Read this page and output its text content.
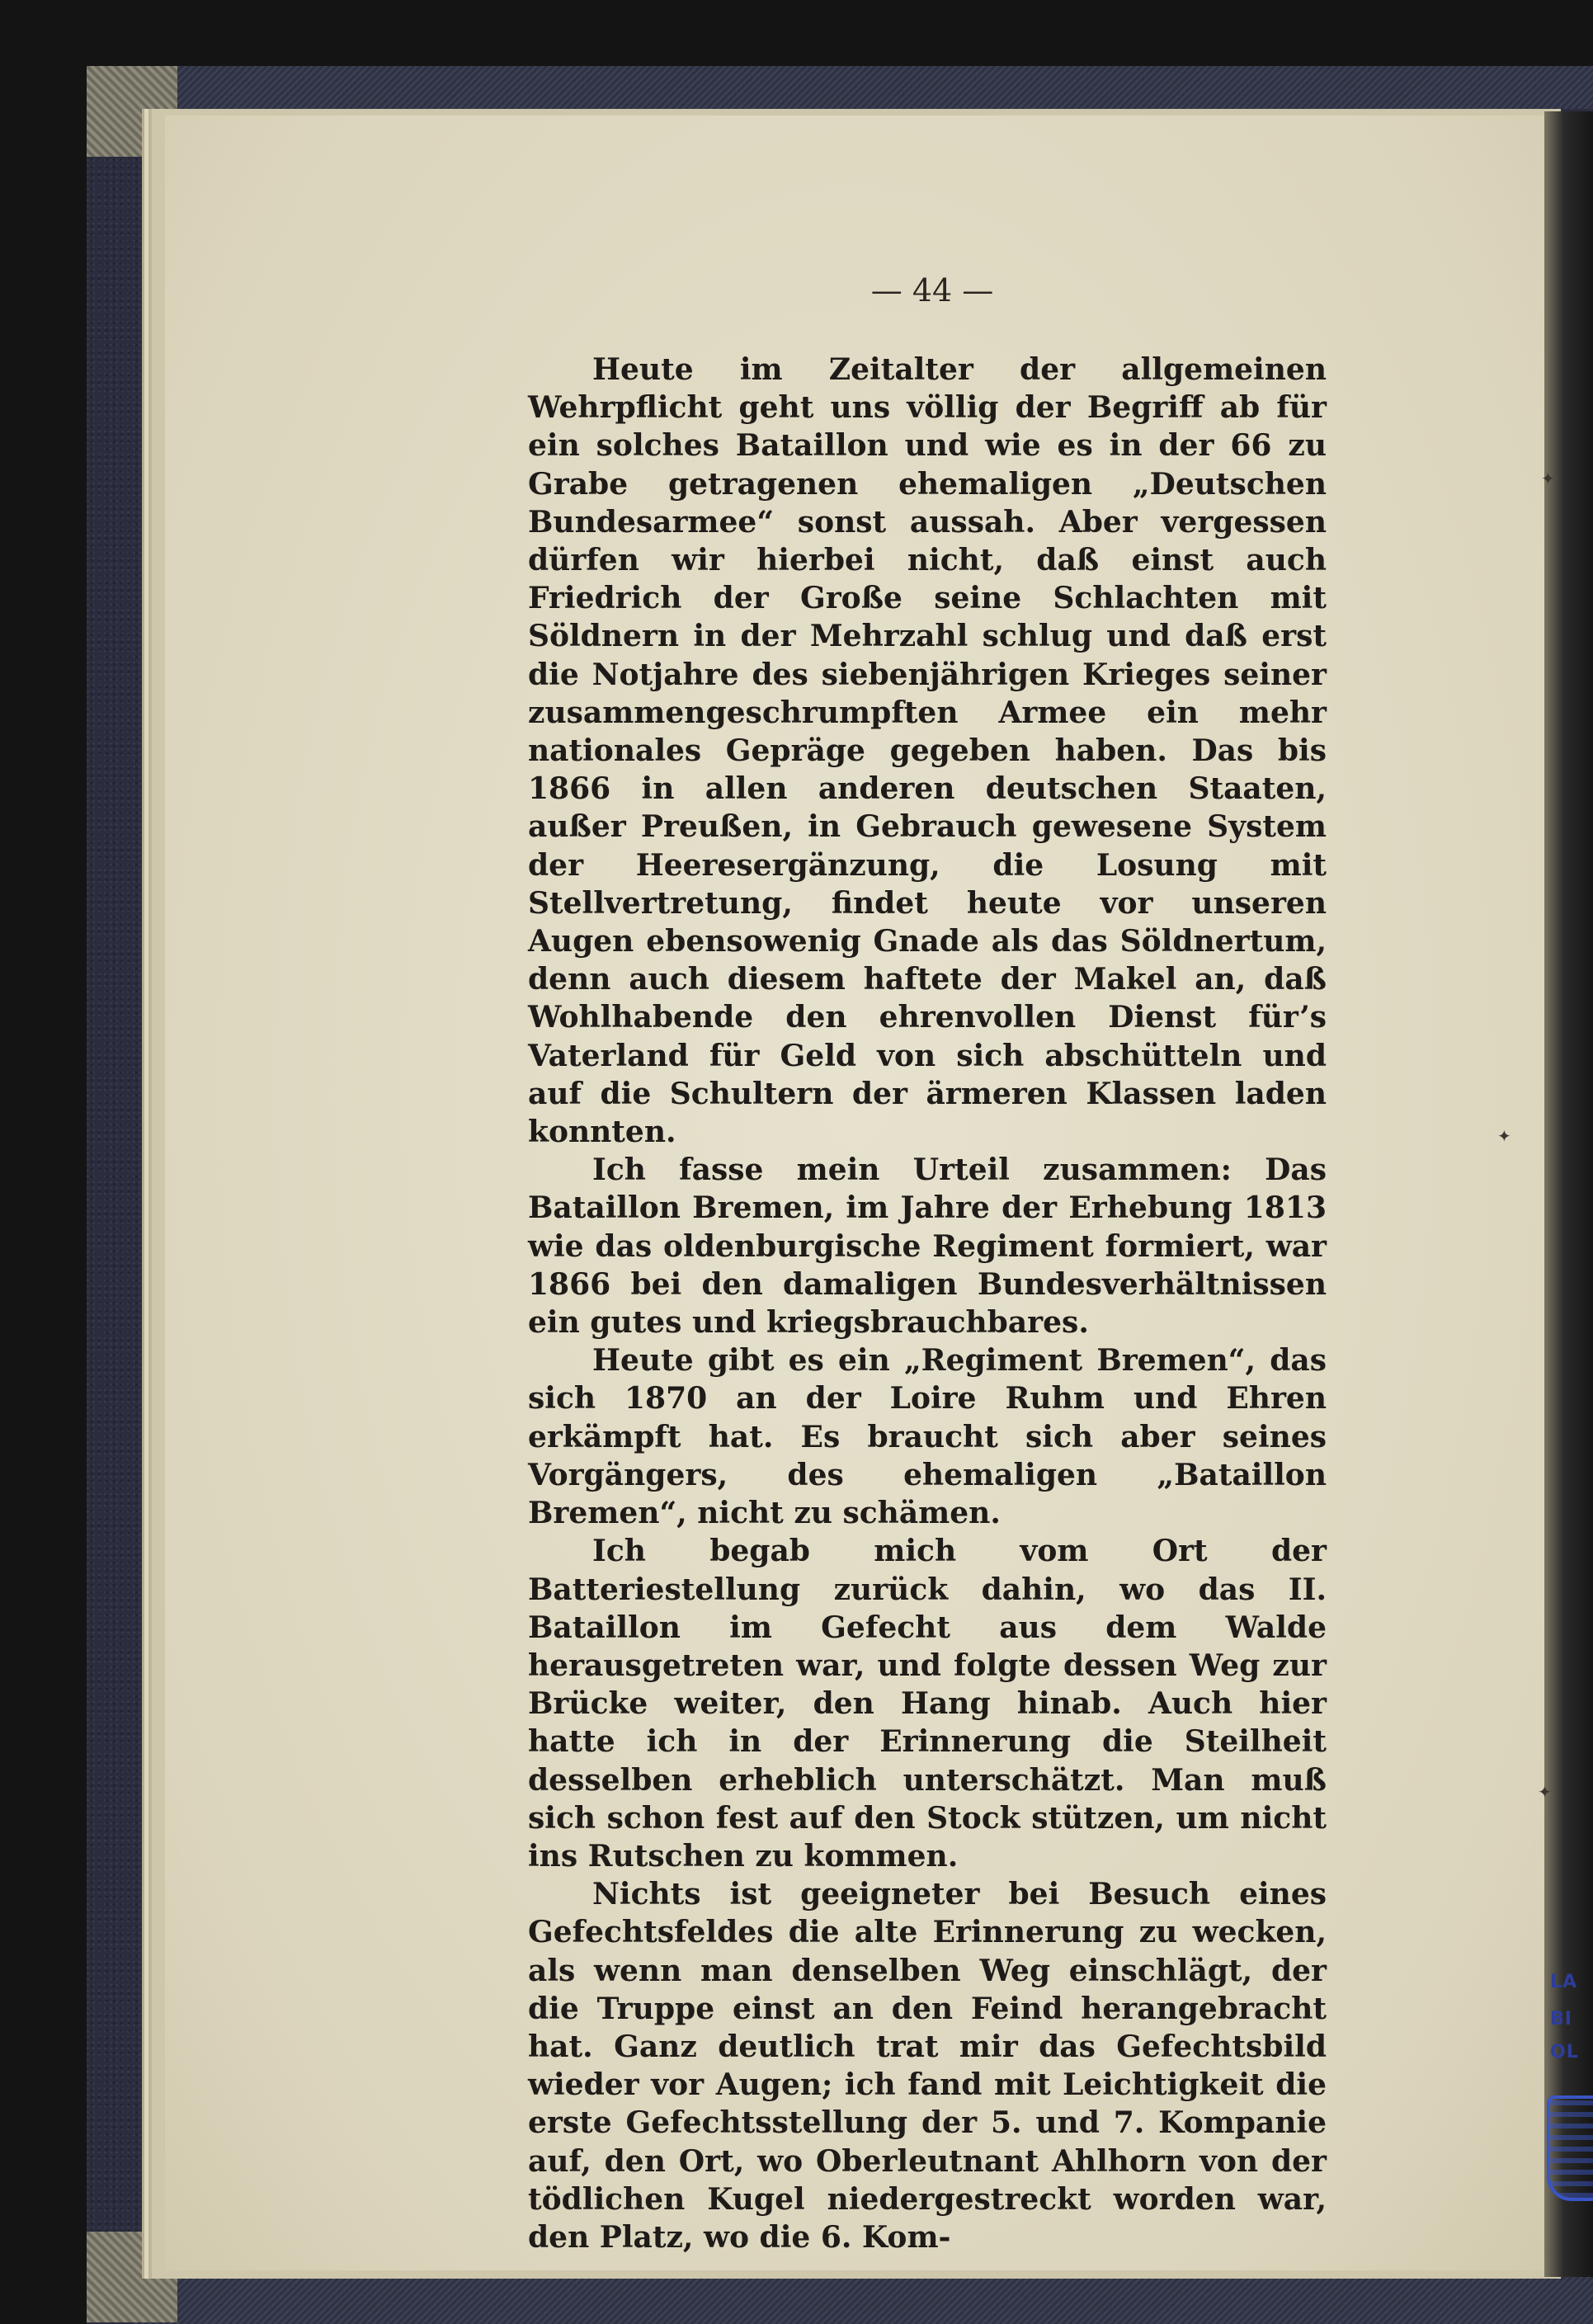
— 44 —

Heute im Zeitalter der allgemeinen Wehrpflicht geht uns völlig der Begriff ab für ein solches Bataillon und wie es in der 66 zu Grabe getragenen ehemaligen „Deutschen Bundesarmee“ sonst aussah. Aber vergessen dürfen wir hierbei nicht, daß einst auch Friedrich der Große seine Schlachten mit Söldnern in der Mehrzahl schlug und daß erst die Notjahre des siebenjährigen Krieges seiner zusammengeschrumpften Armee ein mehr nationales Gepräge gegeben haben. Das bis 1866 in allen anderen deutschen Staaten, außer Preußen, in Gebrauch gewesene System der Heeresergänzung, die Losung mit Stellvertretung, findet heute vor unseren Augen ebensowenig Gnade als das Söldnertum, denn auch diesem haftete der Makel an, daß Wohlhabende den ehrenvollen Dienst für’s Vaterland für Geld von sich abschütteln und auf die Schultern der ärmeren Klassen laden konnten.

Ich fasse mein Urteil zusammen: Das Bataillon Bremen, im Jahre der Erhebung 1813 wie das oldenburgische Regiment formiert, war 1866 bei den damaligen Bundesverhältnissen ein gutes und kriegsbrauchbares.

Heute gibt es ein „Regiment Bremen“, das sich 1870 an der Loire Ruhm und Ehren erkämpft hat. Es braucht sich aber seines Vorgängers, des ehemaligen „Bataillon Bremen“, nicht zu schämen.

Ich begab mich vom Ort der Batteriestellung zurück dahin, wo das II. Bataillon im Gefecht aus dem Walde herausgetreten war, und folgte dessen Weg zur Brücke weiter, den Hang hinab. Auch hier hatte ich in der Erinnerung die Steilheit desselben erheblich unterschätzt. Man muß sich schon fest auf den Stock stützen, um nicht ins Rutschen zu kommen.

Nichts ist geeigneter bei Besuch eines Gefechtsfeldes die alte Erinnerung zu wecken, als wenn man denselben Weg einschlägt, der die Truppe einst an den Feind herangebracht hat. Ganz deutlich trat mir das Gefechtsbild wieder vor Augen; ich fand mit Leichtigkeit die erste Gefechtsstellung der 5. und 7. Kompanie auf, den Ort, wo Oberleutnant Ahlhorn von der tödlichen Kugel niedergestreckt worden war, den Platz, wo die 6. Kom-

✦
✦
✦
LA
BI
OL
